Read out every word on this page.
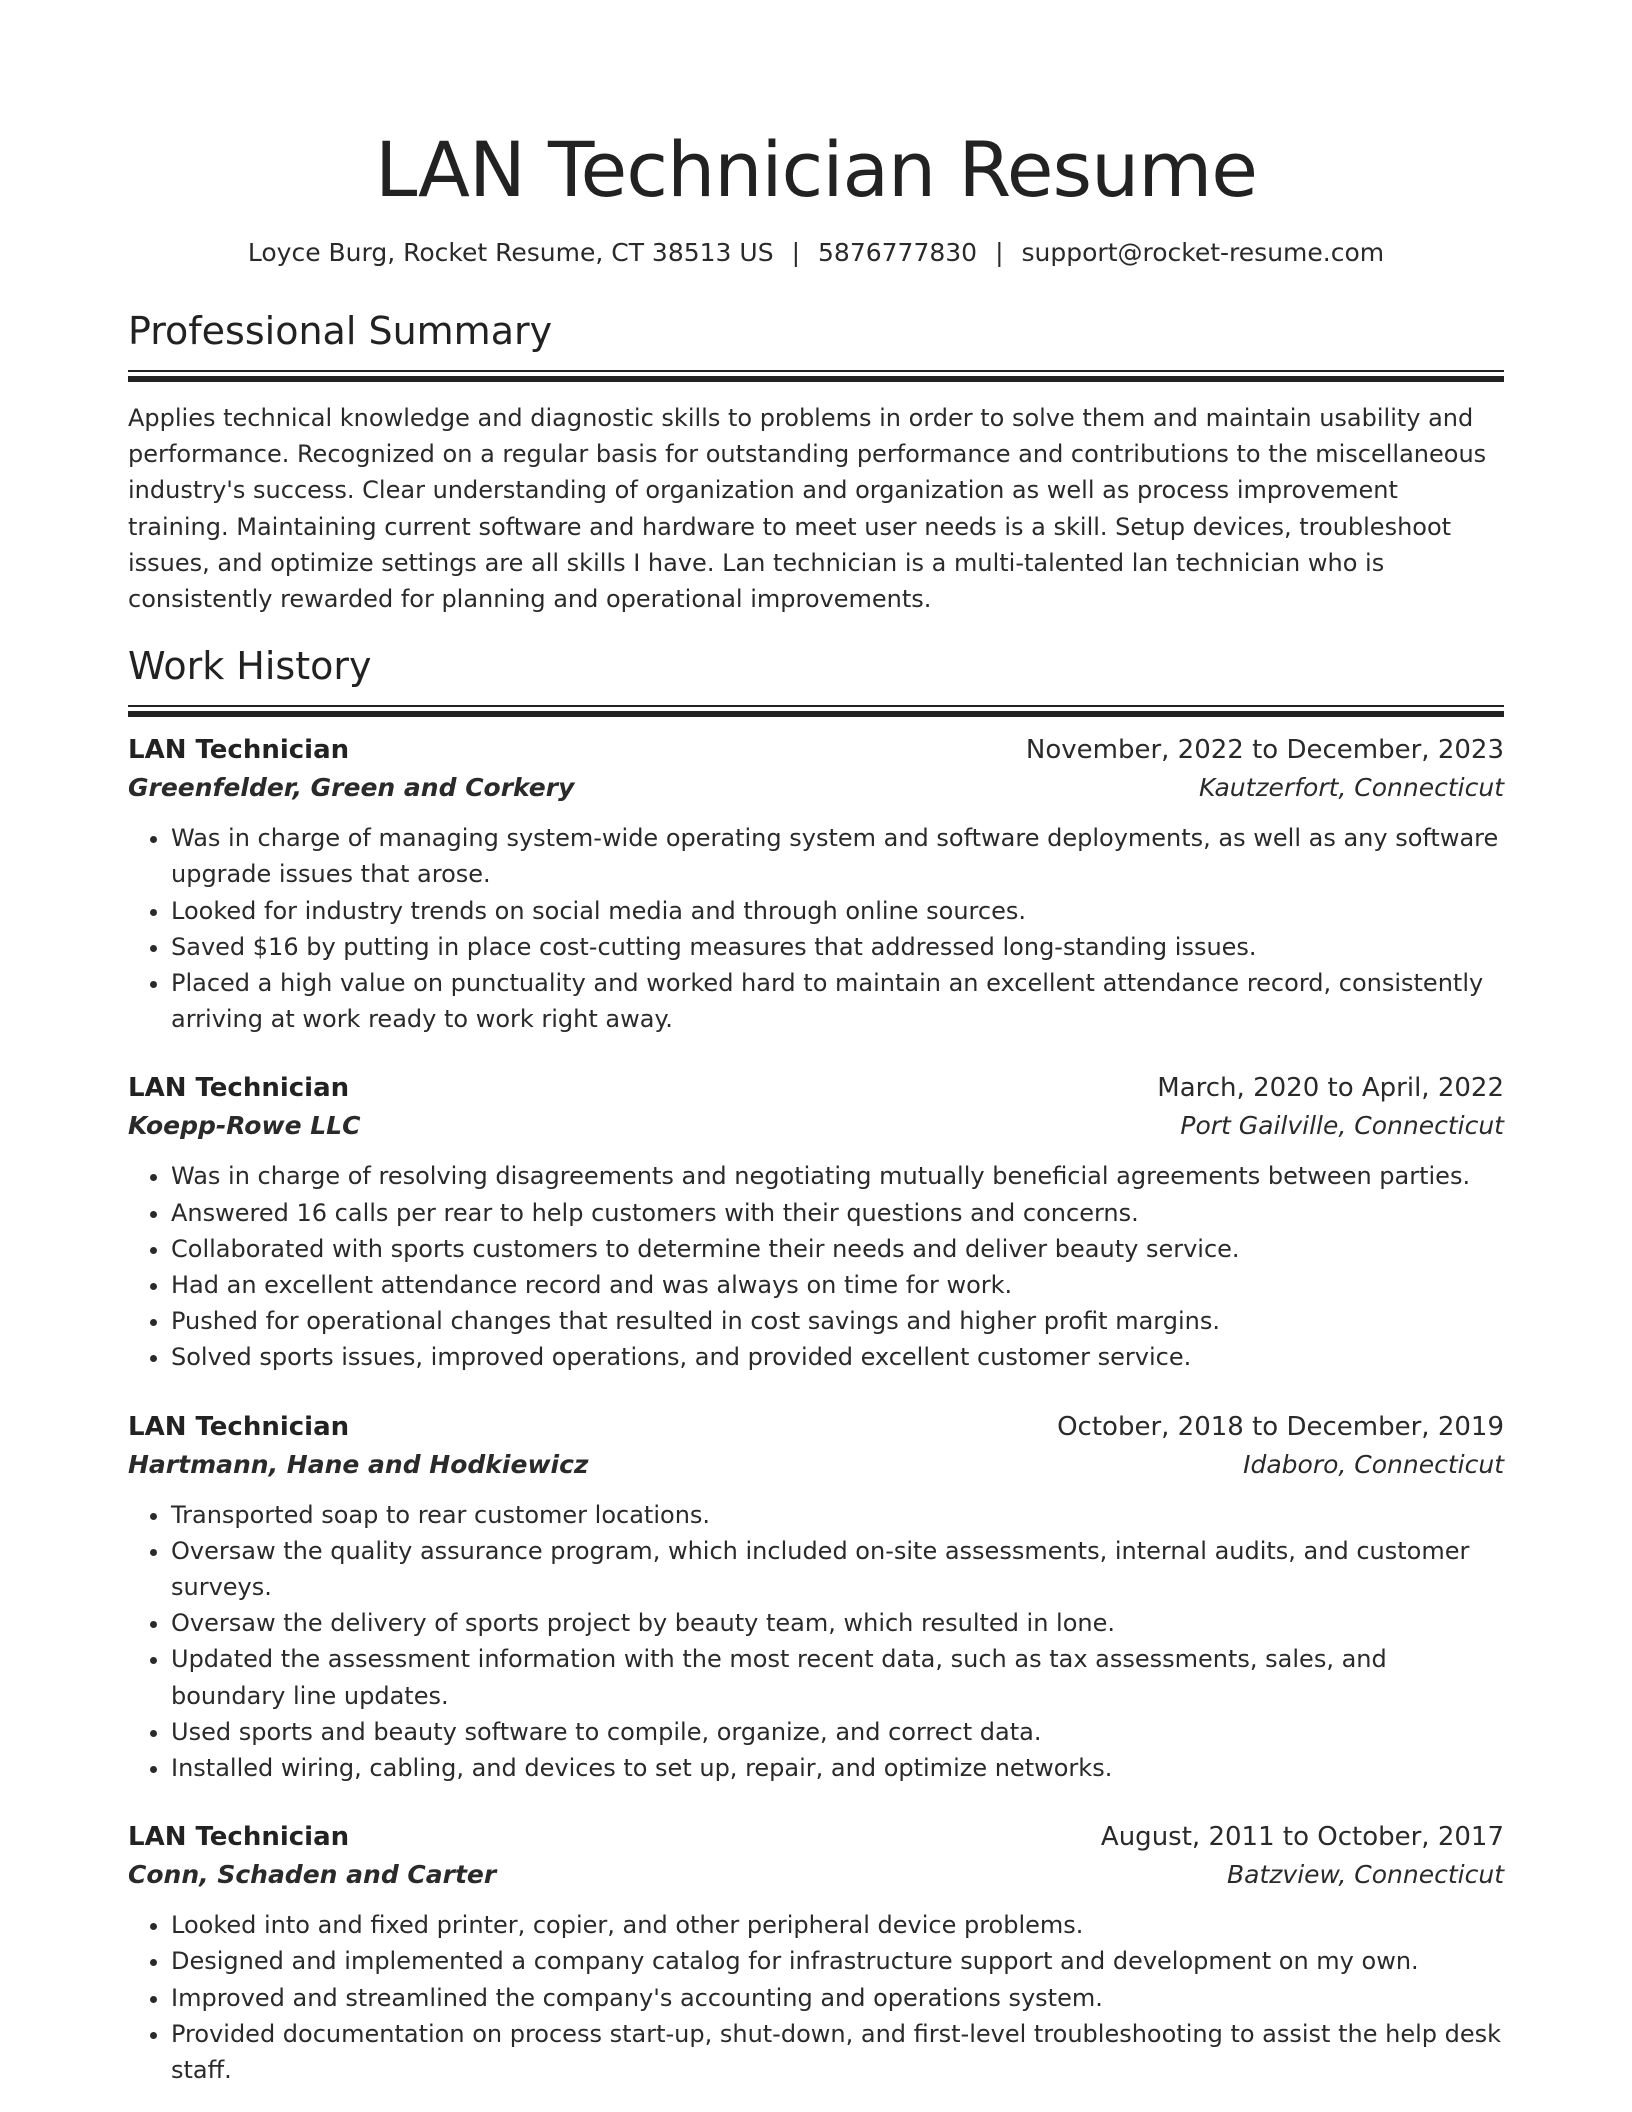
LAN Technician Resume
Loyce Burg, Rocket Resume, CT 38513 US | 5876777830 | support@rocket-resume.com
Professional Summary

Applies technical knowledge and diagnostic skills to problems in order to solve them and maintain usability and performance. Recognized on a regular basis for outstanding performance and contributions to the miscellaneous industry's success. Clear understanding of organization and organization as well as process improvement training. Maintaining current software and hardware to meet user needs is a skill. Setup devices, troubleshoot issues, and optimize settings are all skills I have. Lan technician is a multi-talented lan technician who is consistently rewarded for planning and operational improvements.

Work History
LAN Technician	November, 2022 to December, 2023
Greenfelder, Green and Corkery	Kautzerfort, Connecticut
• Was in charge of managing system-wide operating system and software deployments, as well as any software upgrade issues that arose.
• Looked for industry trends on social media and through online sources.
• Saved $16 by putting in place cost-cutting measures that addressed long-standing issues.
• Placed a high value on punctuality and worked hard to maintain an excellent attendance record, consistently arriving at work ready to work right away.
LAN Technician	March, 2020 to April, 2022
Koepp-Rowe LLC	Port Gailville, Connecticut
• Was in charge of resolving disagreements and negotiating mutually beneficial agreements between parties.
• Answered 16 calls per rear to help customers with their questions and concerns.
• Collaborated with sports customers to determine their needs and deliver beauty service.
• Had an excellent attendance record and was always on time for work.
• Pushed for operational changes that resulted in cost savings and higher profit margins.
• Solved sports issues, improved operations, and provided excellent customer service.
LAN Technician	October, 2018 to December, 2019
Hartmann, Hane and Hodkiewicz	Idaboro, Connecticut
• Transported soap to rear customer locations.
• Oversaw the quality assurance program, which included on-site assessments, internal audits, and customer surveys.
• Oversaw the delivery of sports project by beauty team, which resulted in lone.
• Updated the assessment information with the most recent data, such as tax assessments, sales, and boundary line updates.
• Used sports and beauty software to compile, organize, and correct data.
• Installed wiring, cabling, and devices to set up, repair, and optimize networks.
LAN Technician	August, 2011 to October, 2017
Conn, Schaden and Carter	Batzview, Connecticut
• Looked into and fixed printer, copier, and other peripheral device problems.
• Designed and implemented a company catalog for infrastructure support and development on my own.
• Improved and streamlined the company's accounting and operations system.
• Provided documentation on process start-up, shut-down, and first-level troubleshooting to assist the help desk staff.
